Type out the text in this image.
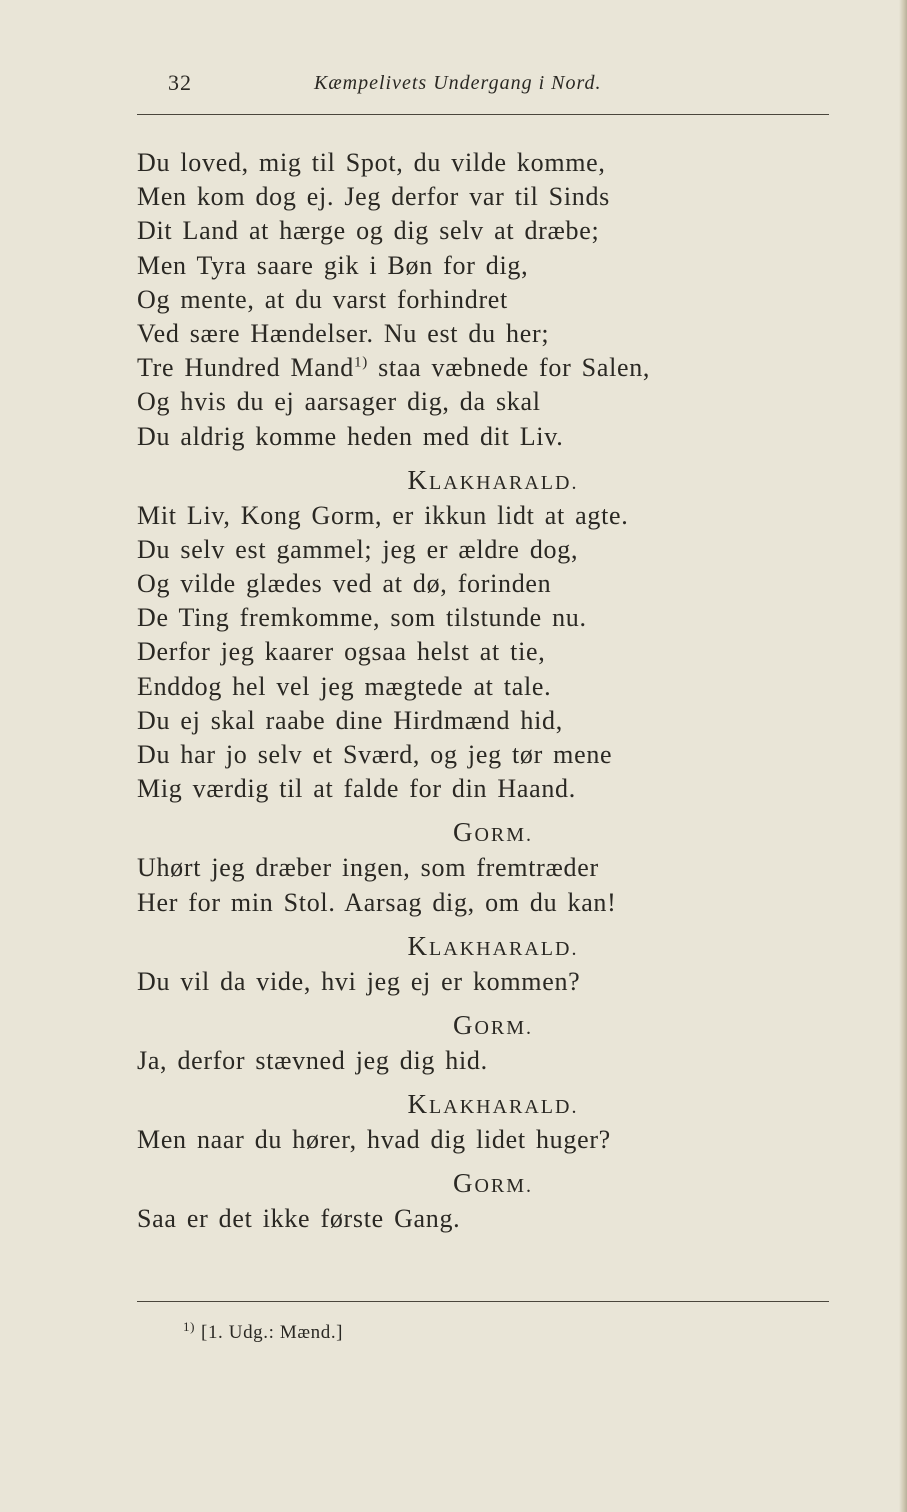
32	Kæmpelivets Undergang i Nord.
Du loved, mig til Spot, du vilde komme,
Men kom dog ej. Jeg derfor var til Sinds
Dit Land at hærge og dig selv at dræbe;
Men Tyra saare gik i Bøn for dig,
Og mente, at du varst forhindret
Ved sære Hændelser. Nu est du her;
Tre Hundred Mand$^{1)}$ staa væbnede for Salen,
Og hvis du ej aarsager dig, da skal
Du aldrig komme heden med dit Liv.
KLAKHARALD.
Mit Liv, Kong Gorm, er ikkun lidt at agte.
Du selv est gammel; jeg er ældre dog,
Og vilde glædes ved at dø, forinden
De Ting fremkomme, som tilstunde nu.
Derfor jeg kaarer ogsaa helst at tie,
Enddog hel vel jeg mægtede at tale.
Du ej skal raabe dine Hirdmænd hid,
Du har jo selv et Sværd, og jeg tør mene
Mig værdig til at falde for din Haand.
GORM.
Uhørt jeg dræber ingen, som fremtræder
Her for min Stol. Aarsag dig, om du kan!
KLAKHARALD.
Du vil da vide, hvi jeg ej er kommen?
GORM.
Ja, derfor stævned jeg dig hid.
KLAKHARALD.
Men naar du hører, hvad dig lidet huger?
GORM.
Saa er det ikke første Gang.
$^{1)}$ [1. Udg.: Mænd.]
